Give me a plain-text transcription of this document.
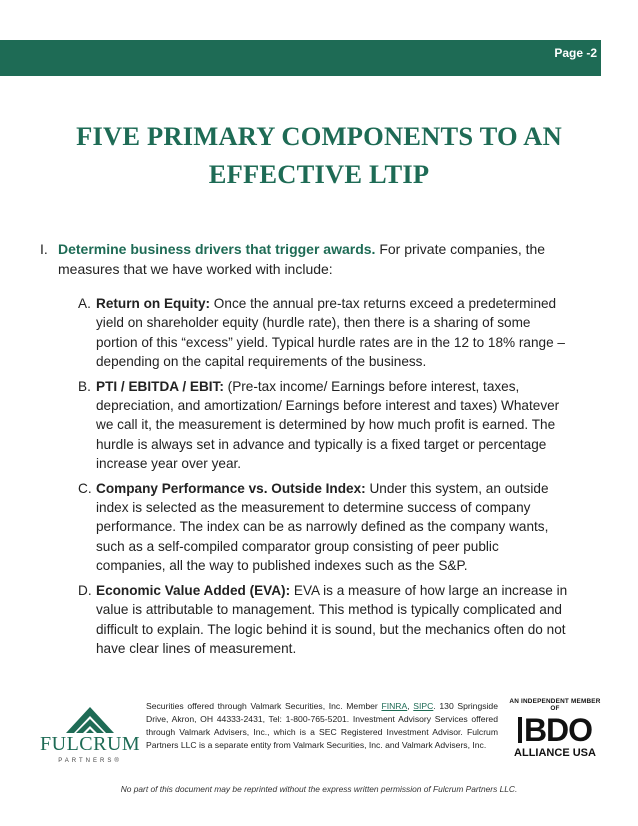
Page -2
FIVE PRIMARY COMPONENTS TO AN
EFFECTIVE LTIP
I. Determine business drivers that trigger awards. For private companies, the measures that we have worked with include:
A. Return on Equity: Once the annual pre-tax returns exceed a predetermined yield on shareholder equity (hurdle rate), then there is a sharing of some portion of this “excess” yield. Typical hurdle rates are in the 12 to 18% range – depending on the capital requirements of the business.
B. PTI / EBITDA / EBIT: (Pre-tax income/ Earnings before interest, taxes, depreciation, and amortization/ Earnings before interest and taxes) Whatever we call it, the measurement is determined by how much profit is earned. The hurdle is always set in advance and typically is a fixed target or percentage increase year over year.
C. Company Performance vs. Outside Index: Under this system, an outside index is selected as the measurement to determine success of company performance. The index can be as narrowly defined as the company wants, such as a self-compiled comparator group consisting of peer public companies, all the way to published indexes such as the S&P.
D. Economic Value Added (EVA): EVA is a measure of how large an increase in value is attributable to management. This method is typically complicated and difficult to explain. The logic behind it is sound, but the mechanics often do not have clear lines of measurement.
FULCRUM
PARTNERS®
Securities offered through Valmark Securities, Inc. Member FINRA, SIPC. 130 Springside Drive, Akron, OH 44333-2431, Tel: 1-800-765-5201. Investment Advisory Services offered through Valmark Advisers, Inc., which is a SEC Registered Investment Advisor. Fulcrum Partners LLC is a separate entity from Valmark Securities, Inc. and Valmark Advisers, Inc.
AN INDEPENDENT MEMBER OF
BDO
ALLIANCE USA
No part of this document may be reprinted without the express written permission of Fulcrum Partners LLC.
